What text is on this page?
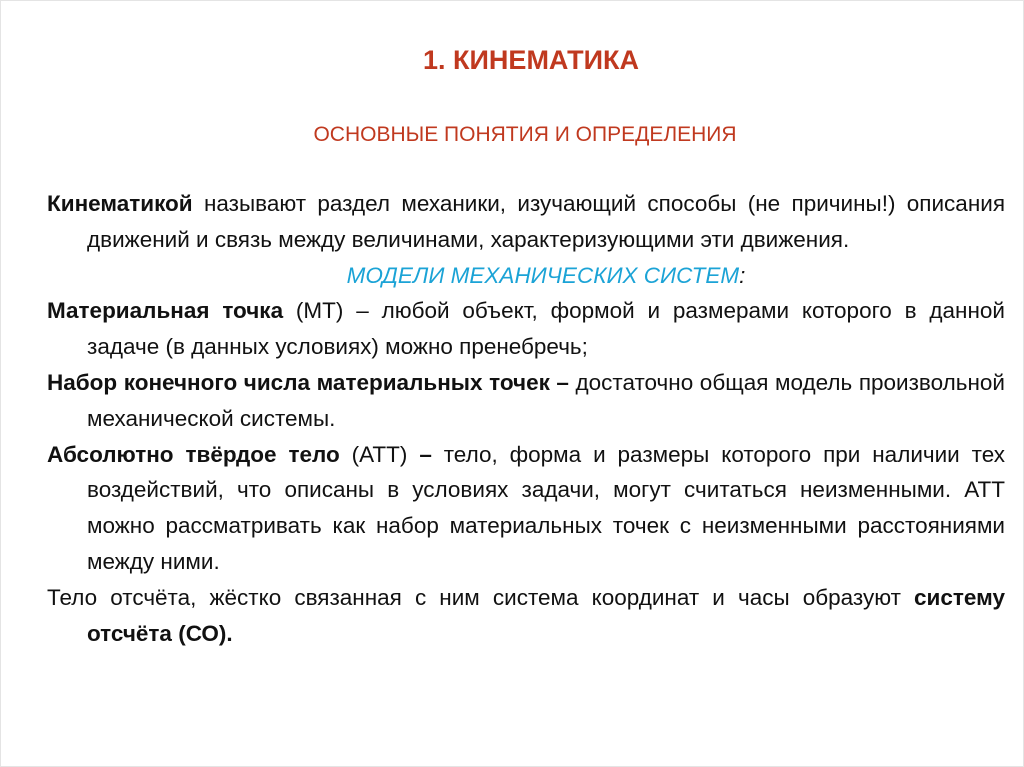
1. КИНЕМАТИКА
ОСНОВНЫЕ ПОНЯТИЯ И ОПРЕДЕЛЕНИЯ

Кинематикой называют раздел механики, изучающий способы (не причины!) описания движений и связь между величинами, характеризующими эти движения.

МОДЕЛИ МЕХАНИЧЕСКИХ СИСТЕМ:

Материальная точка (МТ) – любой объект, формой и размерами которого в данной задаче (в данных условиях) можно пренебречь;

Набор конечного числа материальных точек – достаточно общая модель произвольной механической системы.

Абсолютно твёрдое тело (АТТ) – тело, форма и размеры которого при наличии тех воздействий, что описаны в условиях задачи, могут считаться неизменными. АТТ можно рассматривать как набор материальных точек с неизменными расстояниями между ними.

Тело отсчёта, жёстко связанная с ним система координат и часы образуют систему отсчёта (СО).
